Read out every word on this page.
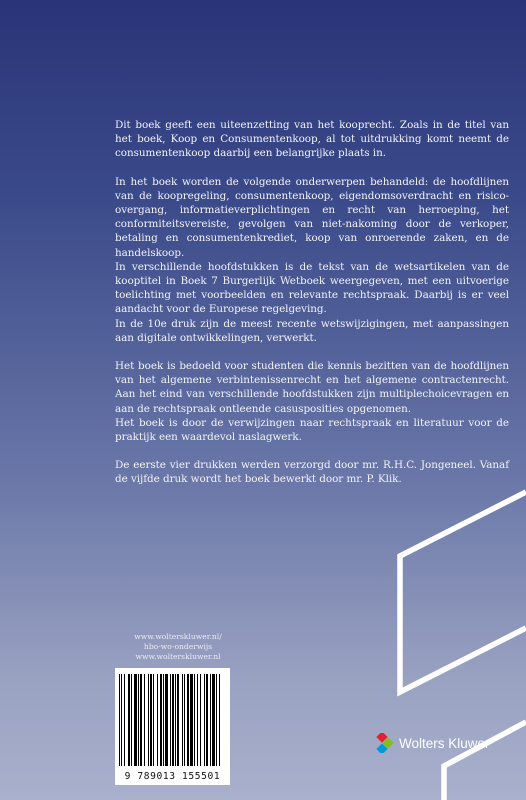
Dit boek geeft een uiteenzetting van het kooprecht. Zoals in de titel van het boek, Koop en Consumentenkoop, al tot uitdrukking komt neemt de consumentenkoop daarbij een belangrijke plaats in.

In het boek worden de volgende onderwerpen behandeld: de hoofdlijnen van de koopregeling, consumentenkoop, eigendomsoverdracht en risico-overgang, informatieverplichtingen en recht van herroeping, het conformiteitsvereiste, gevolgen van niet-nakoming door de verkoper, betaling en consumentenkrediet, koop van onroerende zaken, en de handelskoop.

In verschillende hoofdstukken is de tekst van de wetsartikelen van de kooptitel in Boek 7 Burgerlijk Wetboek weergegeven, met een uitvoerige toelichting met voorbeelden en relevante rechtspraak. Daarbij is er veel aandacht voor de Europese regelgeving.

In de 10e druk zijn de meest recente wetswijzigingen, met aanpassingen aan digitale ontwikkelingen, verwerkt.

Het boek is bedoeld voor studenten die kennis bezitten van de hoofdlijnen van het algemene verbintenissenrecht en het algemene contractenrecht. Aan het eind van verschillende hoofdstukken zijn multiplechoicevragen en aan de rechtspraak ontleende casusposities opgenomen.

Het boek is door de verwijzingen naar rechtspraak en literatuur voor de praktijk een waardevol naslagwerk.

De eerste vier drukken werden verzorgd door mr. R.H.C. Jongeneel. Vanaf de vijfde druk wordt het boek bewerkt door mr. P. Klik.

www.wolterskluwer.nl/
hbo-wo-onderwijs
www.wolterskluwer.nl
9 789013 155501
Wolters Kluwer
